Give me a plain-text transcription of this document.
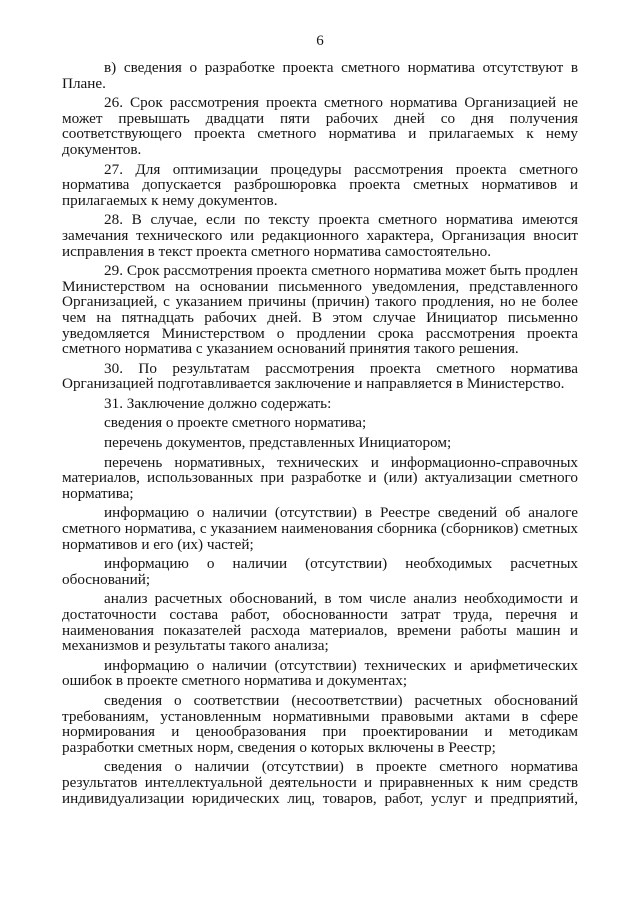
6

в) сведения о разработке проекта сметного норматива отсутствуют в Плане.

26. Срок рассмотрения проекта сметного норматива Организацией не может превышать двадцати пяти рабочих дней со дня получения соответствующего проекта сметного норматива и прилагаемых к нему документов.

27. Для оптимизации процедуры рассмотрения проекта сметного норматива допускается разброшюровка проекта сметных нормативов и прилагаемых к нему документов.

28. В случае, если по тексту проекта сметного норматива имеются замечания технического или редакционного характера, Организация вносит исправления в текст проекта сметного норматива самостоятельно.

29. Срок рассмотрения проекта сметного норматива может быть продлен Министерством на основании письменного уведомления, представленного Организацией, с указанием причины (причин) такого продления, но не более чем на пятнадцать рабочих дней. В этом случае Инициатор письменно уведомляется Министерством о продлении срока рассмотрения проекта сметного норматива с указанием оснований принятия такого решения.

30. По результатам рассмотрения проекта сметного норматива Организацией подготавливается заключение и направляется в Министерство.

31. Заключение должно содержать:

сведения о проекте сметного норматива;

перечень документов, представленных Инициатором;

перечень нормативных, технических и информационно-справочных материалов, использованных при разработке и (или) актуализации сметного норматива;

информацию о наличии (отсутствии) в Реестре сведений об аналоге сметного норматива, с указанием наименования сборника (сборников) сметных нормативов и его (их) частей;

информацию о наличии (отсутствии) необходимых расчетных обоснований;

анализ расчетных обоснований, в том числе анализ необходимости и достаточности состава работ, обоснованности затрат труда, перечня и наименования показателей расхода материалов, времени работы машин и механизмов и результаты такого анализа;

информацию о наличии (отсутствии) технических и арифметических ошибок в проекте сметного норматива и документах;

сведения о соответствии (несоответствии) расчетных обоснований требованиям, установленным нормативными правовыми актами в сфере нормирования и ценообразования при проектировании и методикам разработки сметных норм, сведения о которых включены в Реестр;

сведения о наличии (отсутствии) в проекте сметного норматива результатов интеллектуальной деятельности и приравненных к ним средств индивидуализации юридических лиц, товаров, работ, услуг и предприятий,
